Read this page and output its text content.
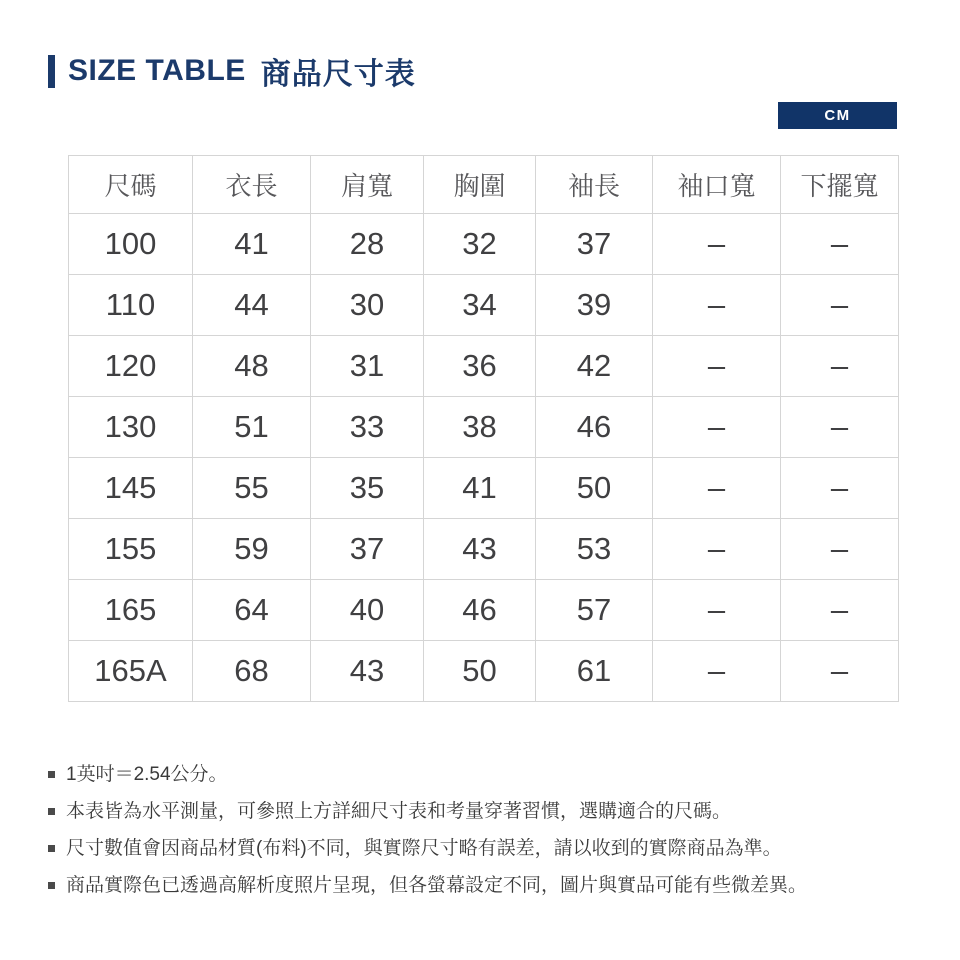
SIZE TABLE 商品尺寸表
CM
尺碼	衣長	肩寬	胸圍	袖長	袖口寬	下擺寬
100	41	28	32	37	–	–
110	44	30	34	39	–	–
120	48	31	36	42	–	–
130	51	33	38	46	–	–
145	55	35	41	50	–	–
155	59	37	43	53	–	–
165	64	40	46	57	–	–
165A	68	43	50	61	–	–
1英吋＝2.54公分。
本表皆為水平測量，可參照上方詳細尺寸表和考量穿著習慣，選購適合的尺碼。
尺寸數值會因商品材質(布料)不同，與實際尺寸略有誤差，請以收到的實際商品為準。
商品實際色已透過高解析度照片呈現，但各螢幕設定不同，圖片與實品可能有些微差異。
